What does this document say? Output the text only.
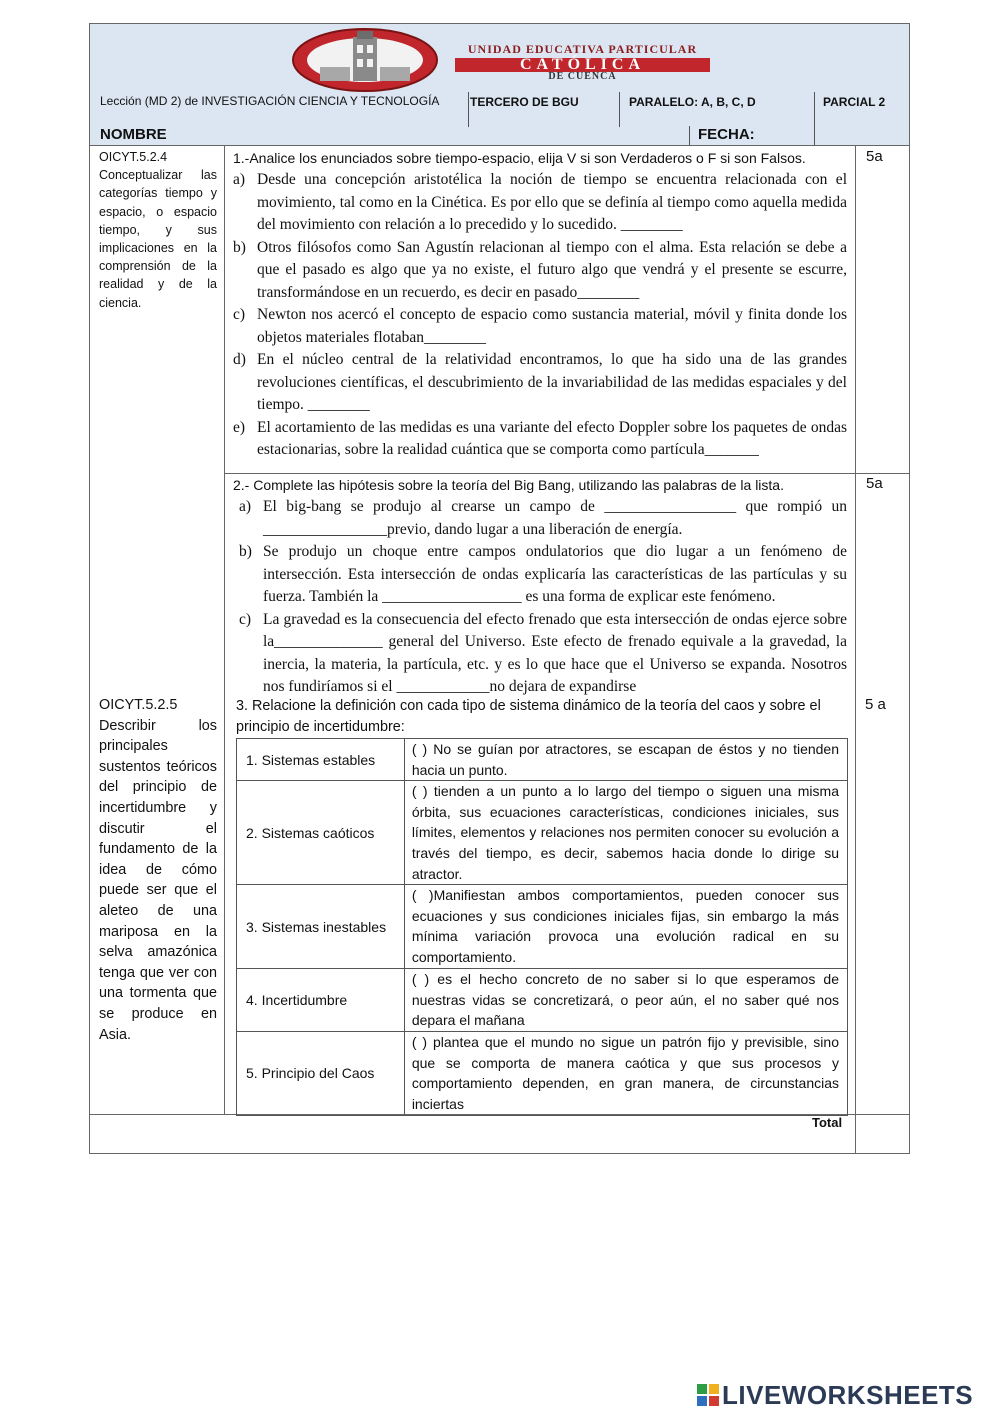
UNIDAD EDUCATIVA PARTICULAR
CATÓLICA
DE CUENCA
Lección (MD 2) de INVESTIGACIÓN CIENCIA Y TECNOLOGÍA	TERCERO DE BGU	PARALELO: A, B, C, D	PARCIAL 2
NOMBRE	FECHA:
OICYT.5.2.4
Conceptualizar las categorías tiempo y espacio, o espacio tiempo, y sus implicaciones en la comprensión de la realidad y de la ciencia.
OICYT.5.2.5
Describir los principales sustentos teóricos del principio de incertidumbre y discutir el fundamento de la idea de cómo puede ser que el aleteo de una mariposa en la selva amazónica tenga que ver con una tormenta que se produce en Asia.
1.-Analice los enunciados sobre tiempo-espacio, elija V si son Verdaderos o F si son Falsos.
a) Desde una concepción aristotélica la noción de tiempo se encuentra relacionada con el movimiento, tal como en la Cinética. Es por ello que se definía al tiempo como aquella medida del movimiento con relación a lo precedido y lo sucedido. ________
b) Otros filósofos como San Agustín relacionan al tiempo con el alma. Esta relación se debe a que el pasado es algo que ya no existe, el futuro algo que vendrá y el presente se escurre, transformándose en un recuerdo, es decir en pasado________
c) Newton nos acercó el concepto de espacio como sustancia material, móvil y finita donde los objetos materiales flotaban________
d) En el núcleo central de la relatividad encontramos, lo que ha sido una de las grandes revoluciones científicas, el descubrimiento de la invariabilidad de las medidas espaciales y del tiempo. ________
e) El acortamiento de las medidas es una variante del efecto Doppler sobre los paquetes de ondas estacionarias, sobre la realidad cuántica que se comporta como partícula_______
5a
2.- Complete las hipótesis sobre la teoría del Big Bang, utilizando las palabras de la lista.
a) El big-bang se produjo al crearse un campo de _________________ que rompió un ________________previo, dando lugar a una liberación de energía.
b) Se produjo un choque entre campos ondulatorios que dio lugar a un fenómeno de intersección. Esta intersección de ondas explicaría las características de las partículas y su fuerza. También la __________________ es una forma de explicar este fenómeno.
c) La gravedad es la consecuencia del efecto frenado que esta intersección de ondas ejerce sobre la______________ general del Universo. Este efecto de frenado equivale a la gravedad, la inercia, la materia, la partícula, etc. y es lo que hace que el Universo se expanda. Nosotros nos fundiríamos si el ____________no dejara de expandirse
5a
3. Relacione la definición con cada tipo de sistema dinámico de la teoría del caos y sobre el principio de incertidumbre:
5 a
1. Sistemas estables	( ) No se guían por atractores, se escapan de éstos y no tienden hacia un punto.
2. Sistemas caóticos	( ) tienden a un punto a lo largo del tiempo o siguen una misma órbita, sus ecuaciones características, condiciones iniciales, sus límites, elementos y relaciones nos permiten conocer su evolución a través del tiempo, es decir, sabemos hacia donde lo dirige su atractor.
3. Sistemas inestables	( )Manifiestan ambos comportamientos, pueden conocer sus ecuaciones y sus condiciones iniciales fijas, sin embargo la más mínima variación provoca una evolución radical en su comportamiento.
4. Incertidumbre	( ) es el hecho concreto de no saber si lo que esperamos de nuestras vidas se concretizará, o peor aún, el no saber qué nos depara el mañana
5. Principio del Caos	( ) plantea que el mundo no sigue un patrón fijo y previsible, sino que se comporta de manera caótica y que sus procesos y comportamiento dependen, en gran manera, de circunstancias inciertas
Total
LIVEWORKSHEETS
